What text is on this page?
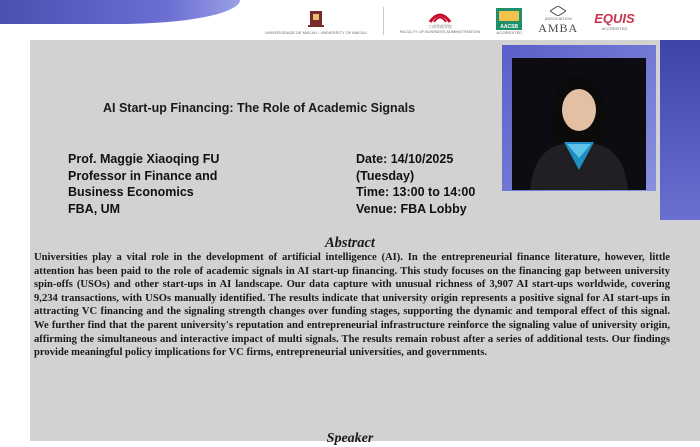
UNIVERSIDADE DE MACAU / UNIVERSITY OF MACAU
工商管理學院
FACULTY OF BUSINESS ADMINISTRATION
AACSB
ACCREDITED
ASSOCIATION
AMBA
EQUIS
ACCREDITED
AI Start-up Financing: The Role of Academic Signals
Prof. Maggie Xiaoqing FU
Professor in Finance and
Business Economics
FBA, UM
Date: 14/10/2025
(Tuesday)
Time: 13:00 to 14:00
Venue: FBA Lobby
Abstract
Universities play a vital role in the development of artificial intelligence (AI). In the entrepreneurial finance literature, however, little attention has been paid to the role of academic signals in AI start-up financing. This study focuses on the financing gap between university spin-offs (USOs) and other start-ups in AI landscape. Our data capture with unusual richness of 3,907 AI start-ups worldwide, covering 9,234 transactions, with USOs manually identified. The results indicate that university origin represents a positive signal for AI start-ups in attracting VC financing and the signaling strength changes over funding stages, supporting the dynamic and temporal effect of this signal. We further find that the parent university's reputation and entrepreneurial infrastructure reinforce the signaling value of university origin, affirming the simultaneous and interactive impact of multi signals. The results remain robust after a series of additional tests. Our findings provide meaningful policy implications for VC firms, entrepreneurial universities, and governments.
Speaker
